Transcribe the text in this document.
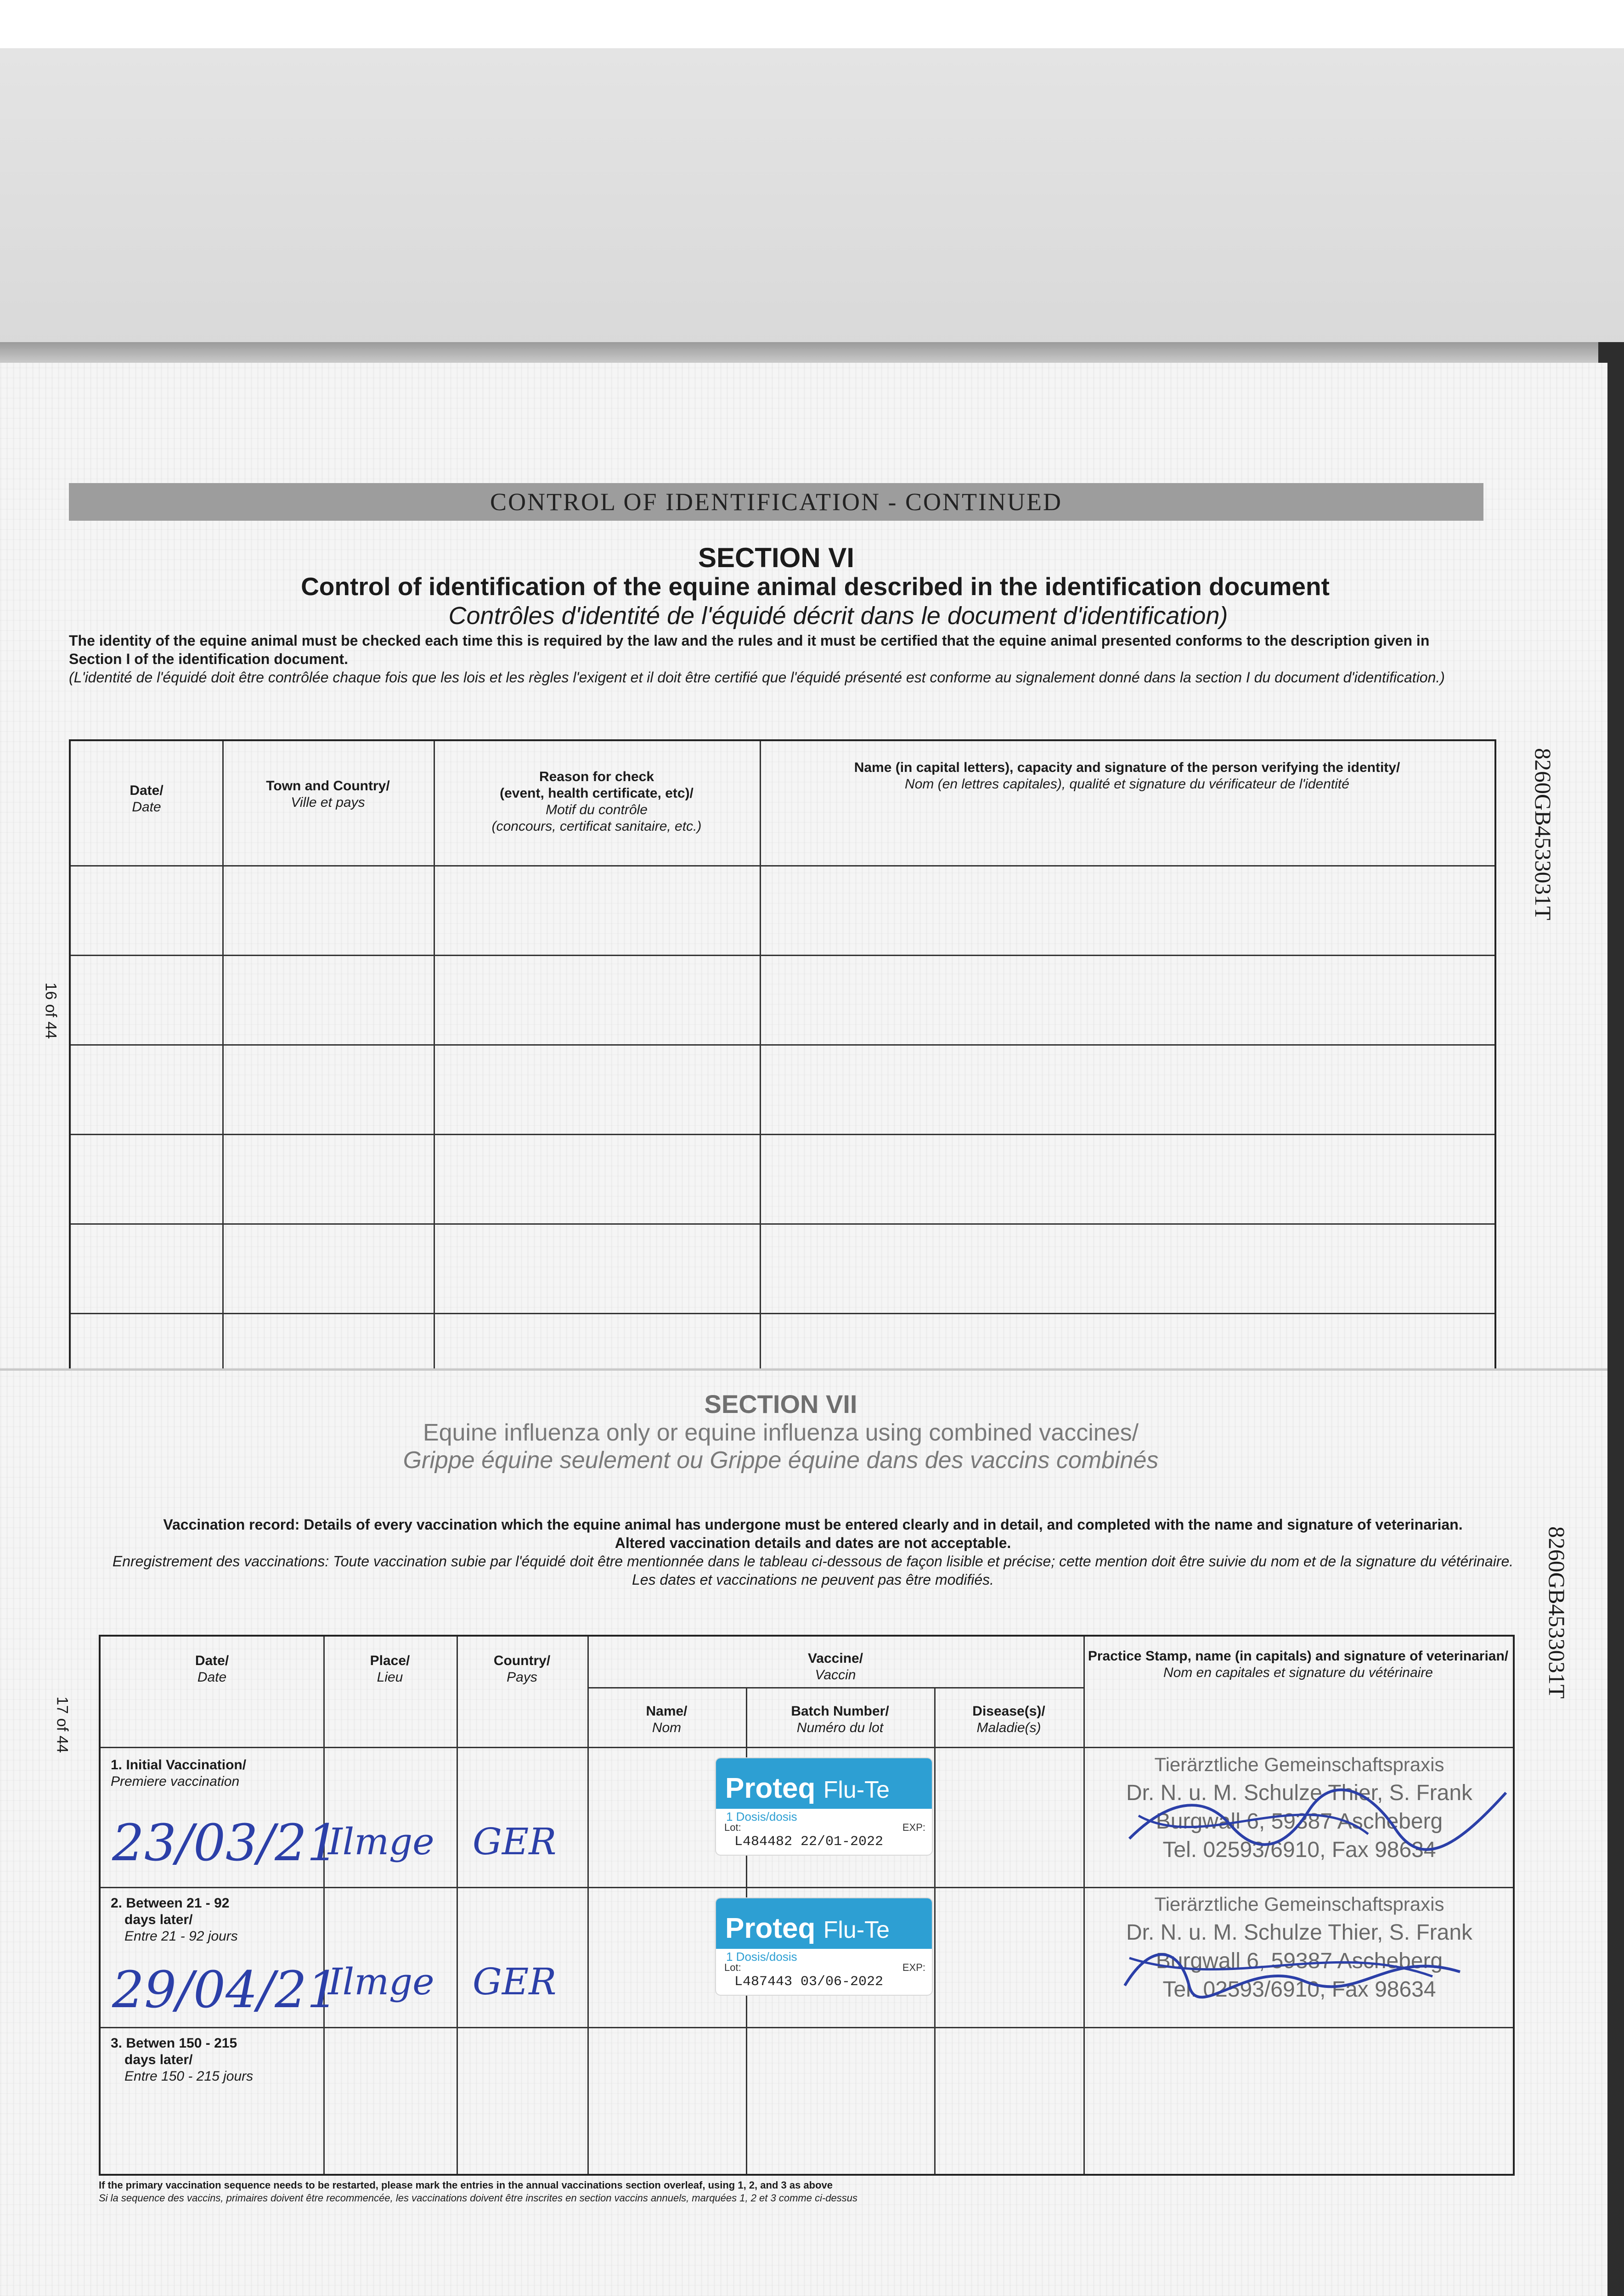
CONTROL OF IDENTIFICATION - CONTINUED
SECTION VI
Control of identification of the equine animal described in the identification document
Contrôles d'identité de l'équidé décrit dans le document d'identification)
The identity of the equine animal must be checked each time this is required by the law and the rules and it must be certified that the equine animal presented conforms to the description given in Section I of the identification document.
(L'identité de l'équidé doit être contrôlée chaque fois que les lois et les règles l'exigent et il doit être certifié que l'équidé présenté est conforme au signalement donné dans la section I du document d'identification.)
Date/
Date
Town and Country/
Ville et pays
Reason for check
(event, health certificate, etc)/
Motif du contrôle
(concours, certificat sanitaire, etc.)
Name (in capital letters), capacity and signature of the person verifying the identity/
Nom (en lettres capitales), qualité et signature du vérificateur de l'identité
16 of 44
8260GB4533031T
SECTION VII
Equine influenza only or equine influenza using combined vaccines/
Grippe équine seulement ou Grippe équine dans des vaccins combinés
Vaccination record: Details of every vaccination which the equine animal has undergone must be entered clearly and in detail, and completed with the name and signature of veterinarian.
Altered vaccination details and dates are not acceptable.
Enregistrement des vaccinations: Toute vaccination subie par l'équidé doit être mentionnée dans le tableau ci-dessous de façon lisible et précise; cette mention doit être suivie du nom et de la signature du vétérinaire. Les dates et vaccinations ne peuvent pas être modifiés.
Date/
Date
Place/
Lieu
Country/
Pays
Vaccine/
Vaccin
Name/
Nom
Batch Number/
Numéro du lot
Disease(s)/
Maladie(s)
Practice Stamp, name (in capitals) and signature of veterinarian/
Nom en capitales et signature du vétérinaire
1. Initial Vaccination/
Premiere vaccination
2. Between 21 - 92
days later/
Entre 21 - 92 jours
3. Betwen 150 - 215
days later/
Entre 150 - 215 jours
23/03/21
Ilmge GER
29/04/21
Ilmge GER
Proteq Flu-Te
1 Dosis/dosis
Lot:	EXP:
L484482 22/01-2022
Proteq Flu-Te
1 Dosis/dosis
Lot:	EXP:
L487443 03/06-2022
Tierärztliche Gemeinschaftspraxis
Dr. N. u. M. Schulze Thier, S. Frank
Burgwall 6, 59387 Ascheberg
Tel. 02593/6910, Fax 98634
Tierärztliche Gemeinschaftspraxis
Dr. N. u. M. Schulze Thier, S. Frank
Burgwall 6, 59387 Ascheberg
Tel. 02593/6910, Fax 98634
If the primary vaccination sequence needs to be restarted, please mark the entries in the annual vaccinations section overleaf, using 1, 2, and 3 as above
Si la sequence des vaccins, primaires doivent être recommencée, les vaccinations doivent être inscrites en section vaccins annuels, marquées 1, 2 et 3 comme ci-dessus
17 of 44
8260GB4533031T
